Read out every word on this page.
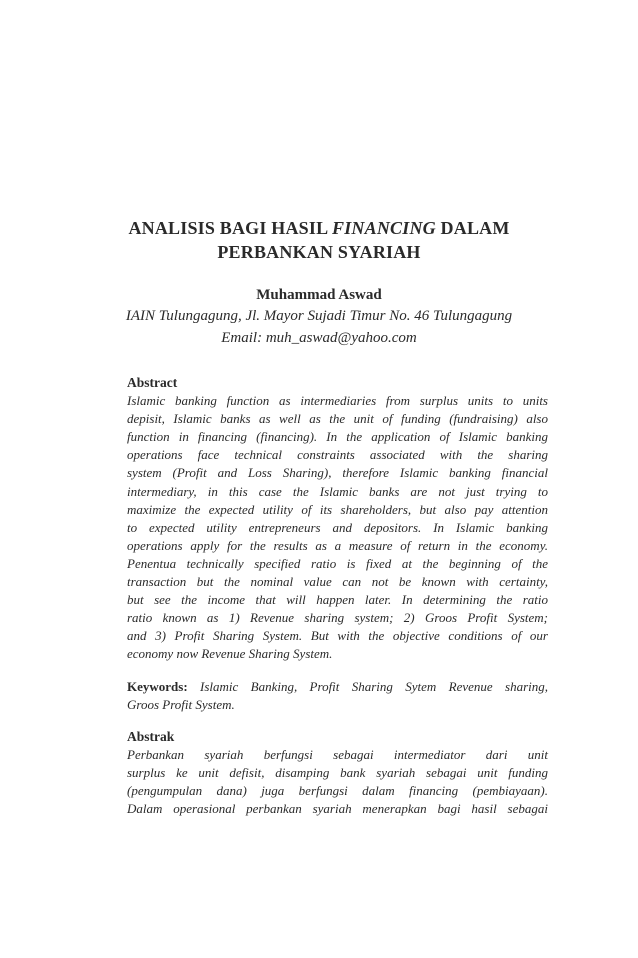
ANALISIS BAGI HASIL FINANCING DALAM
PERBANKAN SYARIAH
Muhammad Aswad
IAIN Tulungagung, Jl. Mayor Sujadi Timur No. 46 Tulungagung
Email: muh_aswad@yahoo.com
Abstract
Islamic banking function as intermediaries from surplus units to units
depisit, Islamic banks as well as the unit of funding (fundraising) also
function in financing (financing). In the application of Islamic banking
operations face technical constraints associated with the sharing
system (Profit and Loss Sharing), therefore Islamic banking financial
intermediary, in this case the Islamic banks are not just trying to
maximize the expected utility of its shareholders, but also pay attention
to expected utility entrepreneurs and depositors. In Islamic banking
operations apply for the results as a measure of return in the economy.
Penentua technically specified ratio is fixed at the beginning of the
transaction but the nominal value can not be known with certainty,
but see the income that will happen later. In determining the ratio
ratio known as 1) Revenue sharing system; 2) Groos Profit System;
and 3) Profit Sharing System. But with the objective conditions of our
economy now Revenue Sharing System.
Keywords: Islamic Banking, Profit Sharing Sytem Revenue sharing,
Groos Profit System.
Abstrak
Perbankan syariah berfungsi sebagai intermediator dari unit
surplus ke unit defisit, disamping bank syariah sebagai unit funding
(pengumpulan dana) juga berfungsi dalam financing (pembiayaan).
Dalam operasional perbankan syariah menerapkan bagi hasil sebagai
